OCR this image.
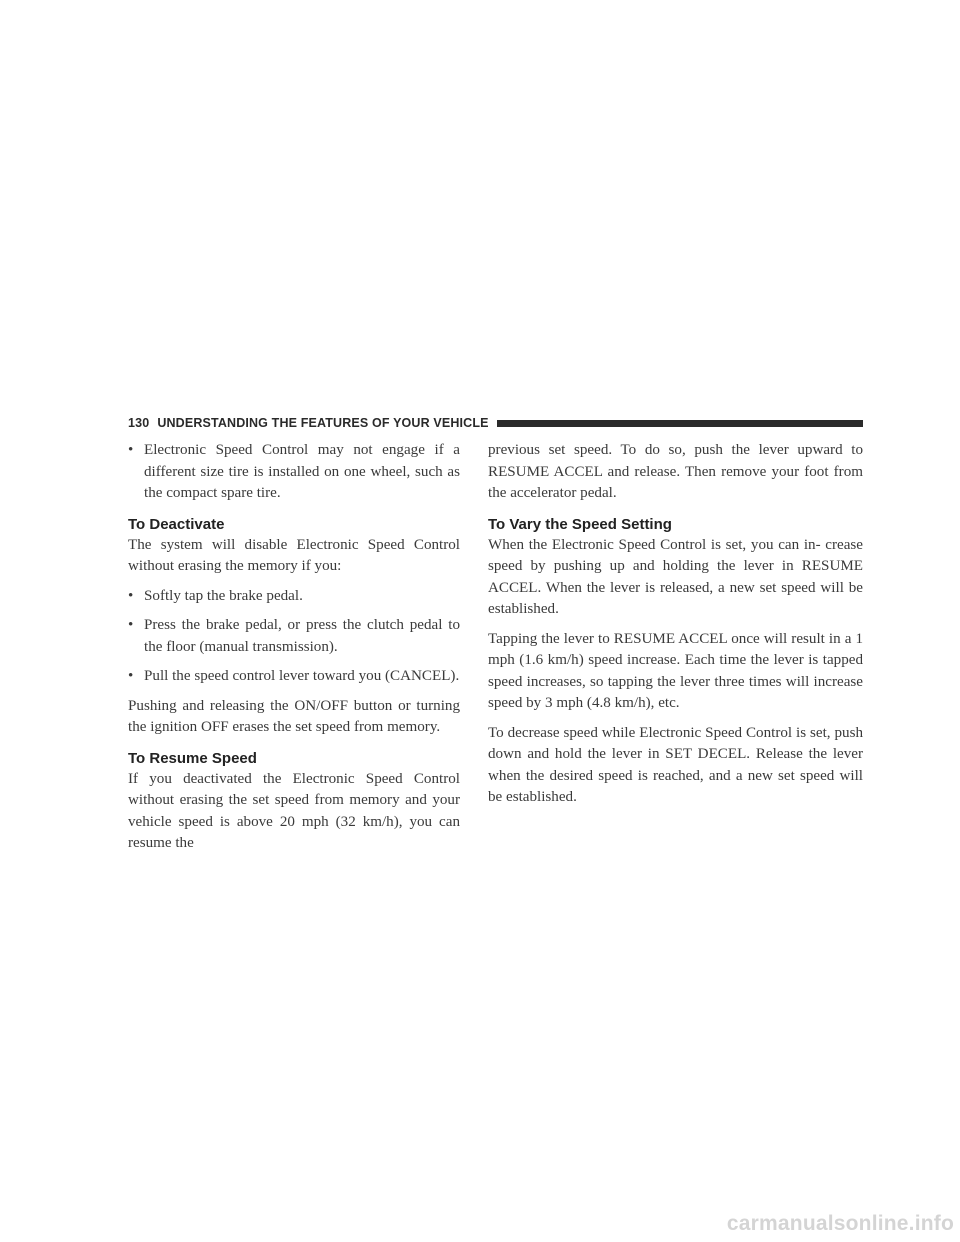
130 UNDERSTANDING THE FEATURES OF YOUR VEHICLE
• Electronic Speed Control may not engage if a different size tire is installed on one wheel, such as the compact spare tire.
To Deactivate

The system will disable Electronic Speed Control without erasing the memory if you:

• Softly tap the brake pedal.
• Press the brake pedal, or press the clutch pedal to the floor (manual transmission).
• Pull the speed control lever toward you (CANCEL).

Pushing and releasing the ON/OFF button or turning the ignition OFF erases the set speed from memory.

To Resume Speed

If you deactivated the Electronic Speed Control without erasing the set speed from memory and your vehicle speed is above 20 mph (32 km/h), you can resume the

previous set speed. To do so, push the lever upward to RESUME ACCEL and release. Then remove your foot from the accelerator pedal.

To Vary the Speed Setting

When the Electronic Speed Control is set, you can in- crease speed by pushing up and holding the lever in RESUME ACCEL. When the lever is released, a new set speed will be established.

Tapping the lever to RESUME ACCEL once will result in a 1 mph (1.6 km/h) speed increase. Each time the lever is tapped speed increases, so tapping the lever three times will increase speed by 3 mph (4.8 km/h), etc.

To decrease speed while Electronic Speed Control is set, push down and hold the lever in SET DECEL. Release the lever when the desired speed is reached, and a new set speed will be established.

carmanualsonline.info
